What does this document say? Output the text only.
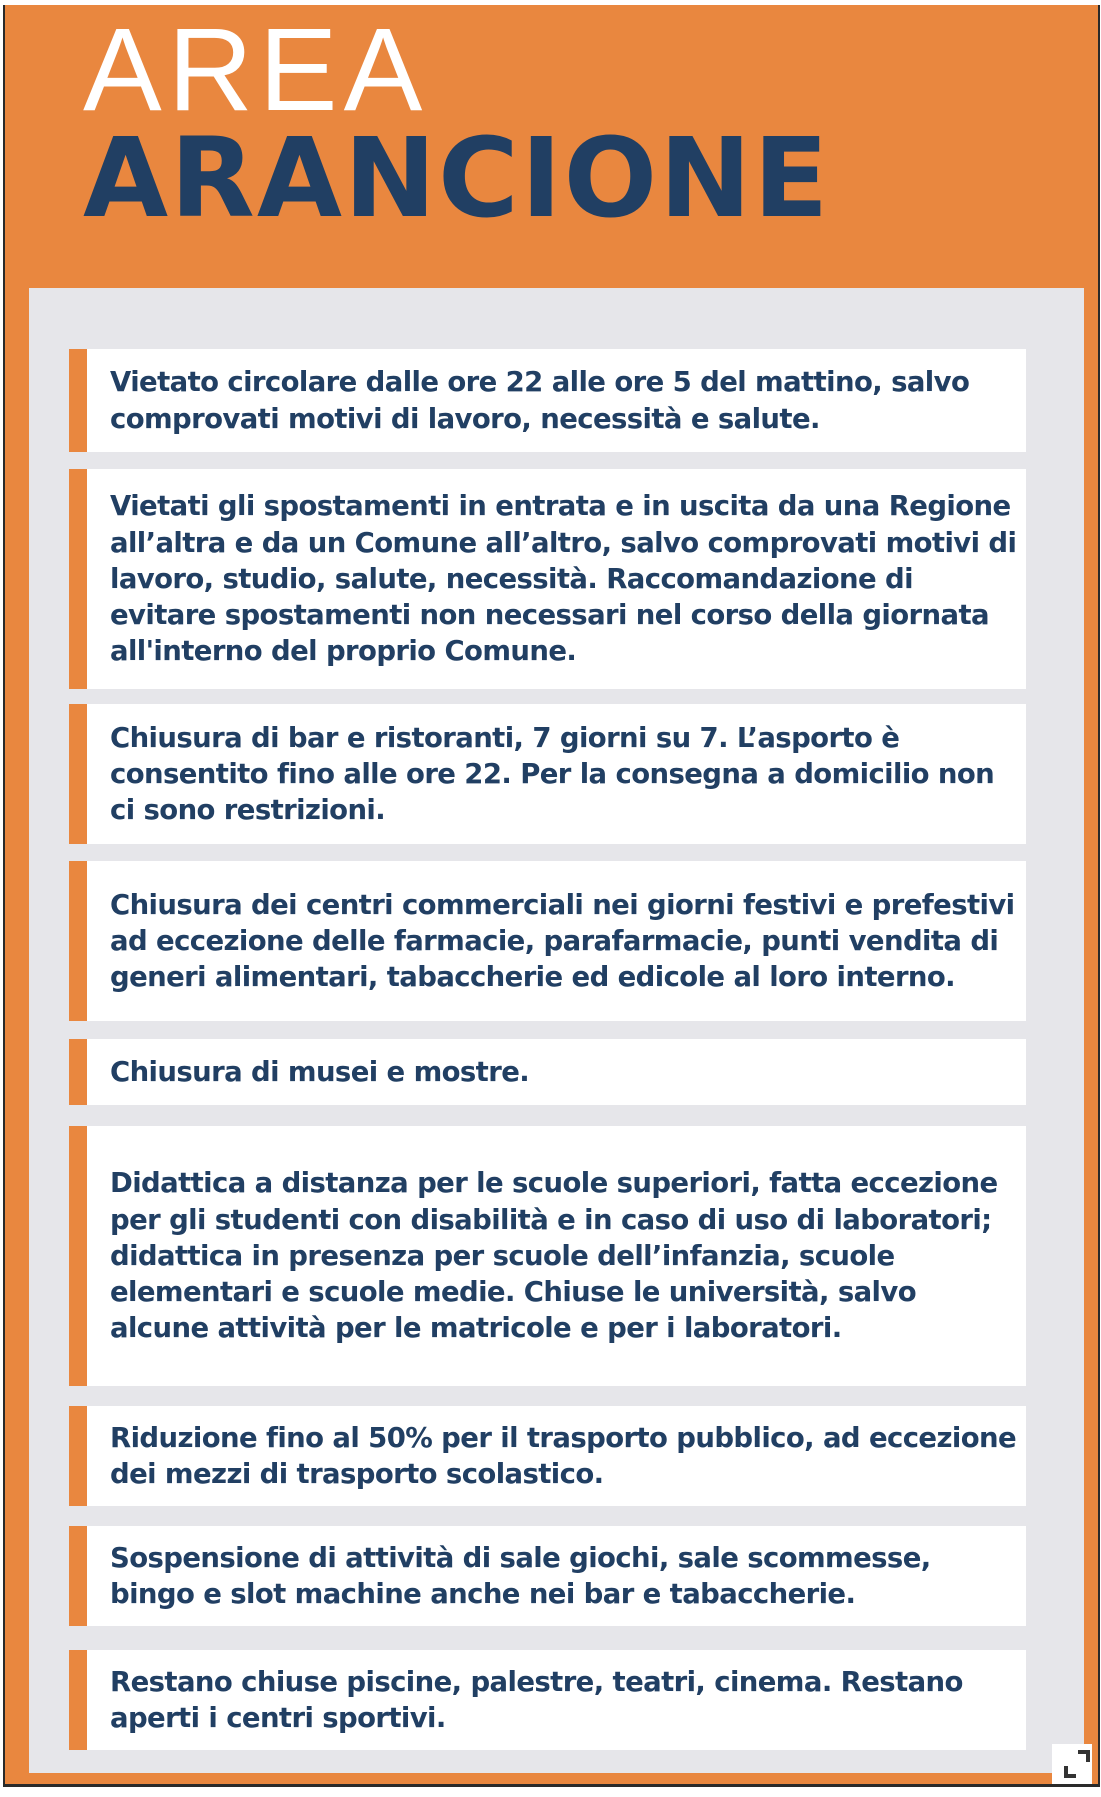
AREA
ARANCIONE
Vietato circolare dalle ore 22 alle ore 5 del mattino, salvo comprovati motivi di lavoro, necessità e salute.
Vietati gli spostamenti in entrata e in uscita da una Regione all’altra e da un Comune all’altro, salvo comprovati motivi di lavoro, studio, salute, necessità. Raccomandazione di evitare spostamenti non necessari nel corso della giornata all'interno del proprio Comune.
Chiusura di bar e ristoranti, 7 giorni su 7. L’asporto è consentito fino alle ore 22. Per la consegna a domicilio non ci sono restrizioni.
Chiusura dei centri commerciali nei giorni festivi e prefestivi ad eccezione delle farmacie, parafarmacie, punti vendita di generi alimentari, tabaccherie ed edicole al loro interno.
Chiusura di musei e mostre.
Didattica a distanza per le scuole superiori, fatta eccezione per gli studenti con disabilità e in caso di uso di laboratori; didattica in presenza per scuole dell’infanzia, scuole elementari e scuole medie. Chiuse le università, salvo alcune attività per le matricole e per i laboratori.
Riduzione fino al 50% per il trasporto pubblico, ad eccezione dei mezzi di trasporto scolastico.
Sospensione di attività di sale giochi, sale scommesse, bingo e slot machine anche nei bar e tabaccherie.
Restano chiuse piscine, palestre, teatri, cinema. Restano aperti i centri sportivi.
